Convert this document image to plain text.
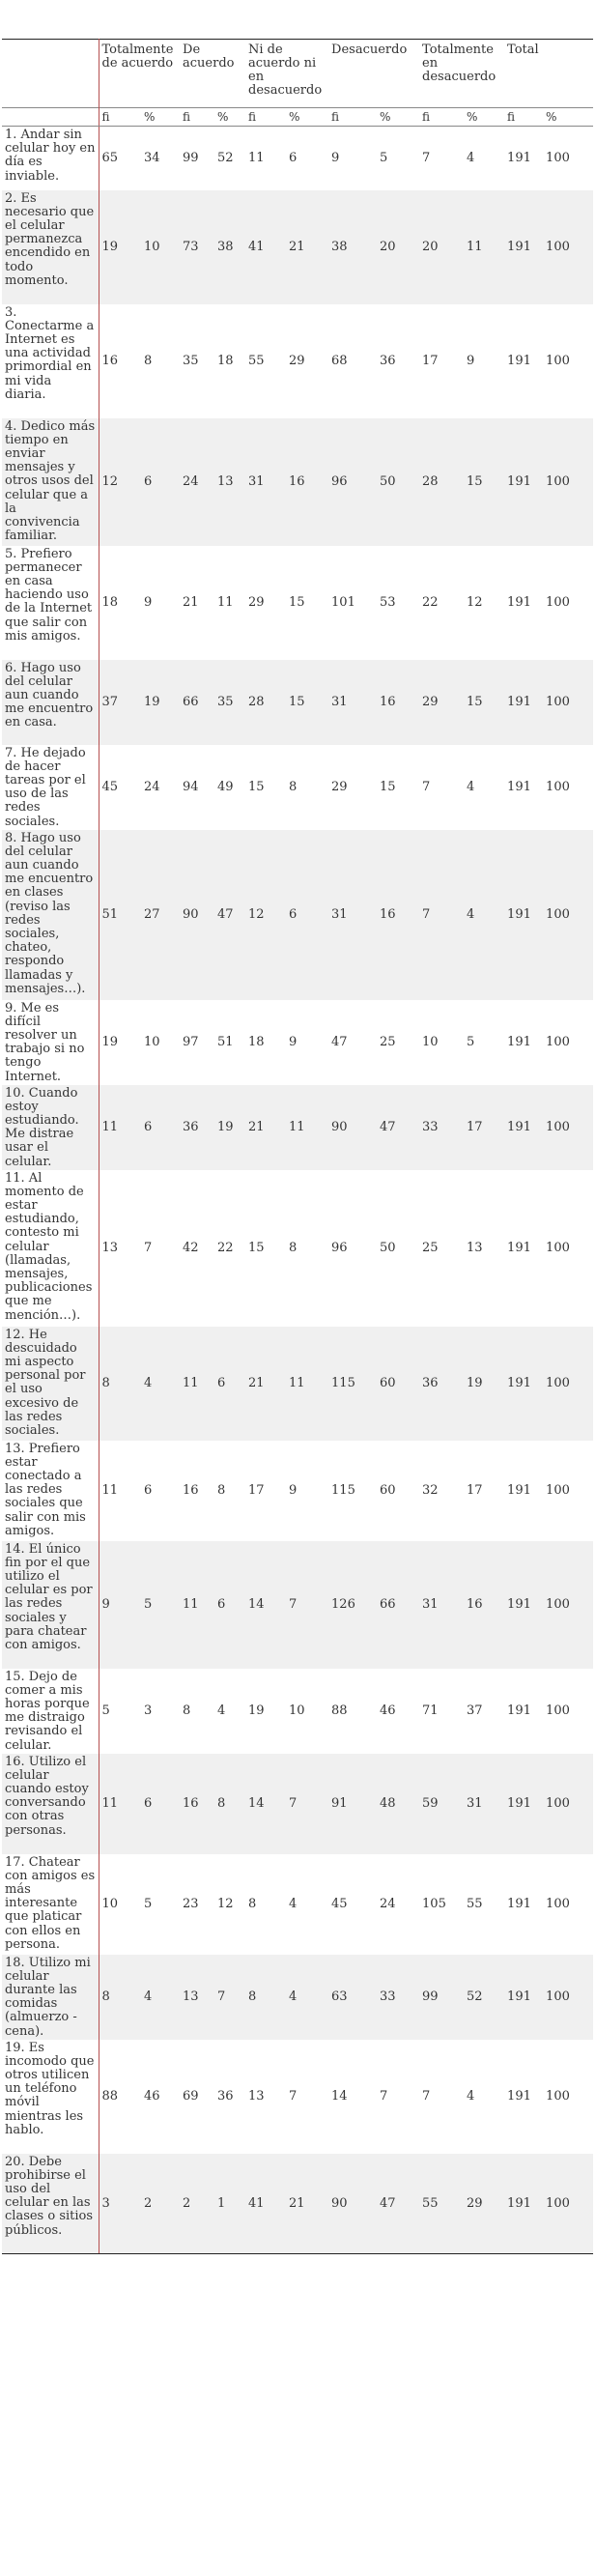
	Totalmente de acuerdo		De acuerdo		Ni de acuerdo ni en desacuerdo		Desacuerdo		Totalmente en desacuerdo		Total	
	fi	%	fi	%	fi	%	fi	%	fi	%	fi	%
1. Andar sin celular hoy en día es inviable.	65	34	99	52	11	6	9	5	7	4	191	100
2. Es necesario que el celular permanezca encendido en todo momento.	19	10	73	38	41	21	38	20	20	11	191	100
3. Conectarme a Internet es una actividad primordial en mi vida diaria.	16	8	35	18	55	29	68	36	17	9	191	100
4. Dedico más tiempo en enviar mensajes y otros usos del celular que a la convivencia familiar.	12	6	24	13	31	16	96	50	28	15	191	100
5. Prefiero permanecer en casa haciendo uso de la Internet que salir con mis amigos.	18	9	21	11	29	15	101	53	22	12	191	100
6. Hago uso del celular aun cuando me encuentro en casa.	37	19	66	35	28	15	31	16	29	15	191	100
7. He dejado de hacer tareas por el uso de las redes sociales.	45	24	94	49	15	8	29	15	7	4	191	100
8. Hago uso del celular aun cuando me encuentro en clases (reviso las redes sociales, chateo, respondo llamadas y mensajes…).	51	27	90	47	12	6	31	16	7	4	191	100
9. Me es difícil resolver un trabajo si no tengo Internet.	19	10	97	51	18	9	47	25	10	5	191	100
10. Cuando estoy estudiando. Me distrae usar el celular.	11	6	36	19	21	11	90	47	33	17	191	100
11. Al momento de estar estudiando, contesto mi celular (llamadas, mensajes, publicaciones que me mención…).	13	7	42	22	15	8	96	50	25	13	191	100
12. He descuidado mi aspecto personal por el uso excesivo de las redes sociales.	8	4	11	6	21	11	115	60	36	19	191	100
13. Prefiero estar conectado a las redes sociales que salir con mis amigos.	11	6	16	8	17	9	115	60	32	17	191	100
14. El único fin por el que utilizo el celular es por las redes sociales y para chatear con amigos.	9	5	11	6	14	7	126	66	31	16	191	100
15. Dejo de comer a mis horas porque me distraigo revisando el celular.	5	3	8	4	19	10	88	46	71	37	191	100
16. Utilizo el celular cuando estoy conversando con otras personas.	11	6	16	8	14	7	91	48	59	31	191	100
17. Chatear con amigos es más interesante que platicar con ellos en persona.	10	5	23	12	8	4	45	24	105	55	191	100
18. Utilizo mi celular durante las comidas (almuerzo - cena).	8	4	13	7	8	4	63	33	99	52	191	100
19. Es incomodo que otros utilicen un teléfono móvil mientras les hablo.	88	46	69	36	13	7	14	7	7	4	191	100
20. Debe prohibirse el uso del celular en las clases o sitios públicos.	3	2	2	1	41	21	90	47	55	29	191	100
